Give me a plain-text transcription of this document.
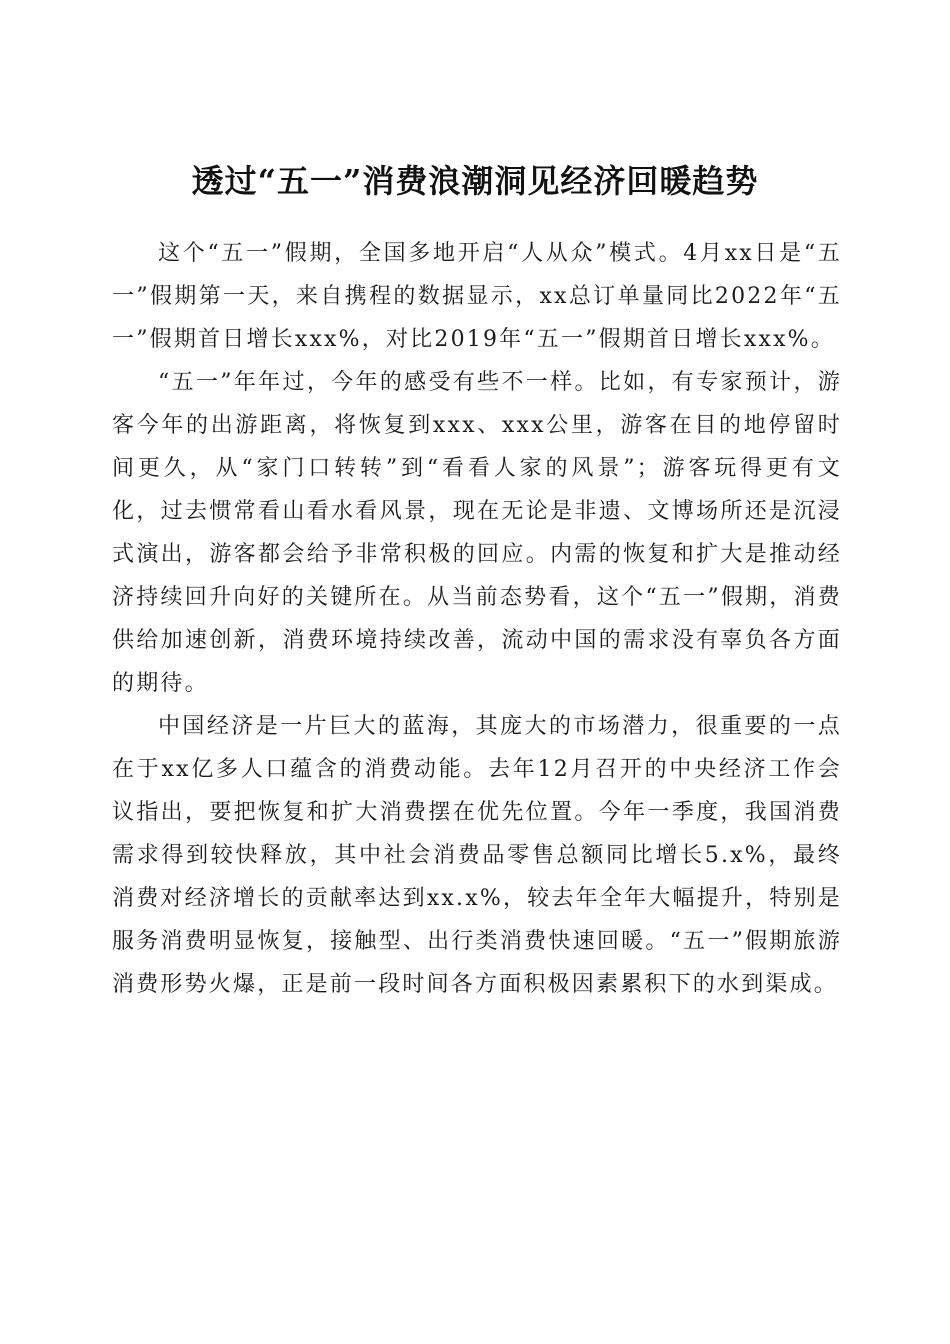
透过“五一”消费浪潮洞见经济回暖趋势

这个“五一”假期，全国多地开启“人从众”模式。4月xx日是“五一”假期第一天，来自携程的数据显示，xx总订单量同比2022年“五一”假期首日增长xxx%，对比2019年“五一”假期首日增长xxx%。

“五一”年年过，今年的感受有些不一样。比如，有专家预计，游客今年的出游距离，将恢复到xxx、xxx公里，游客在目的地停留时间更久，从“家门口转转”到“看看人家的风景”；游客玩得更有文化，过去惯常看山看水看风景，现在无论是非遗、文博场所还是沉浸式演出，游客都会给予非常积极的回应。内需的恢复和扩大是推动经济持续回升向好的关键所在。从当前态势看，这个“五一”假期，消费供给加速创新，消费环境持续改善，流动中国的需求没有辜负各方面的期待。

中国经济是一片巨大的蓝海，其庞大的市场潜力，很重要的一点在于xx亿多人口蕴含的消费动能。去年12月召开的中央经济工作会议指出，要把恢复和扩大消费摆在优先位置。今年一季度，我国消费需求得到较快释放，其中社会消费品零售总额同比增长5.x%，最终消费对经济增长的贡献率达到xx.x%，较去年全年大幅提升，特别是服务消费明显恢复，接触型、出行类消费快速回暖。“五一”假期旅游消费形势火爆，正是前一段时间各方面积极因素累积下的水到渠成。
